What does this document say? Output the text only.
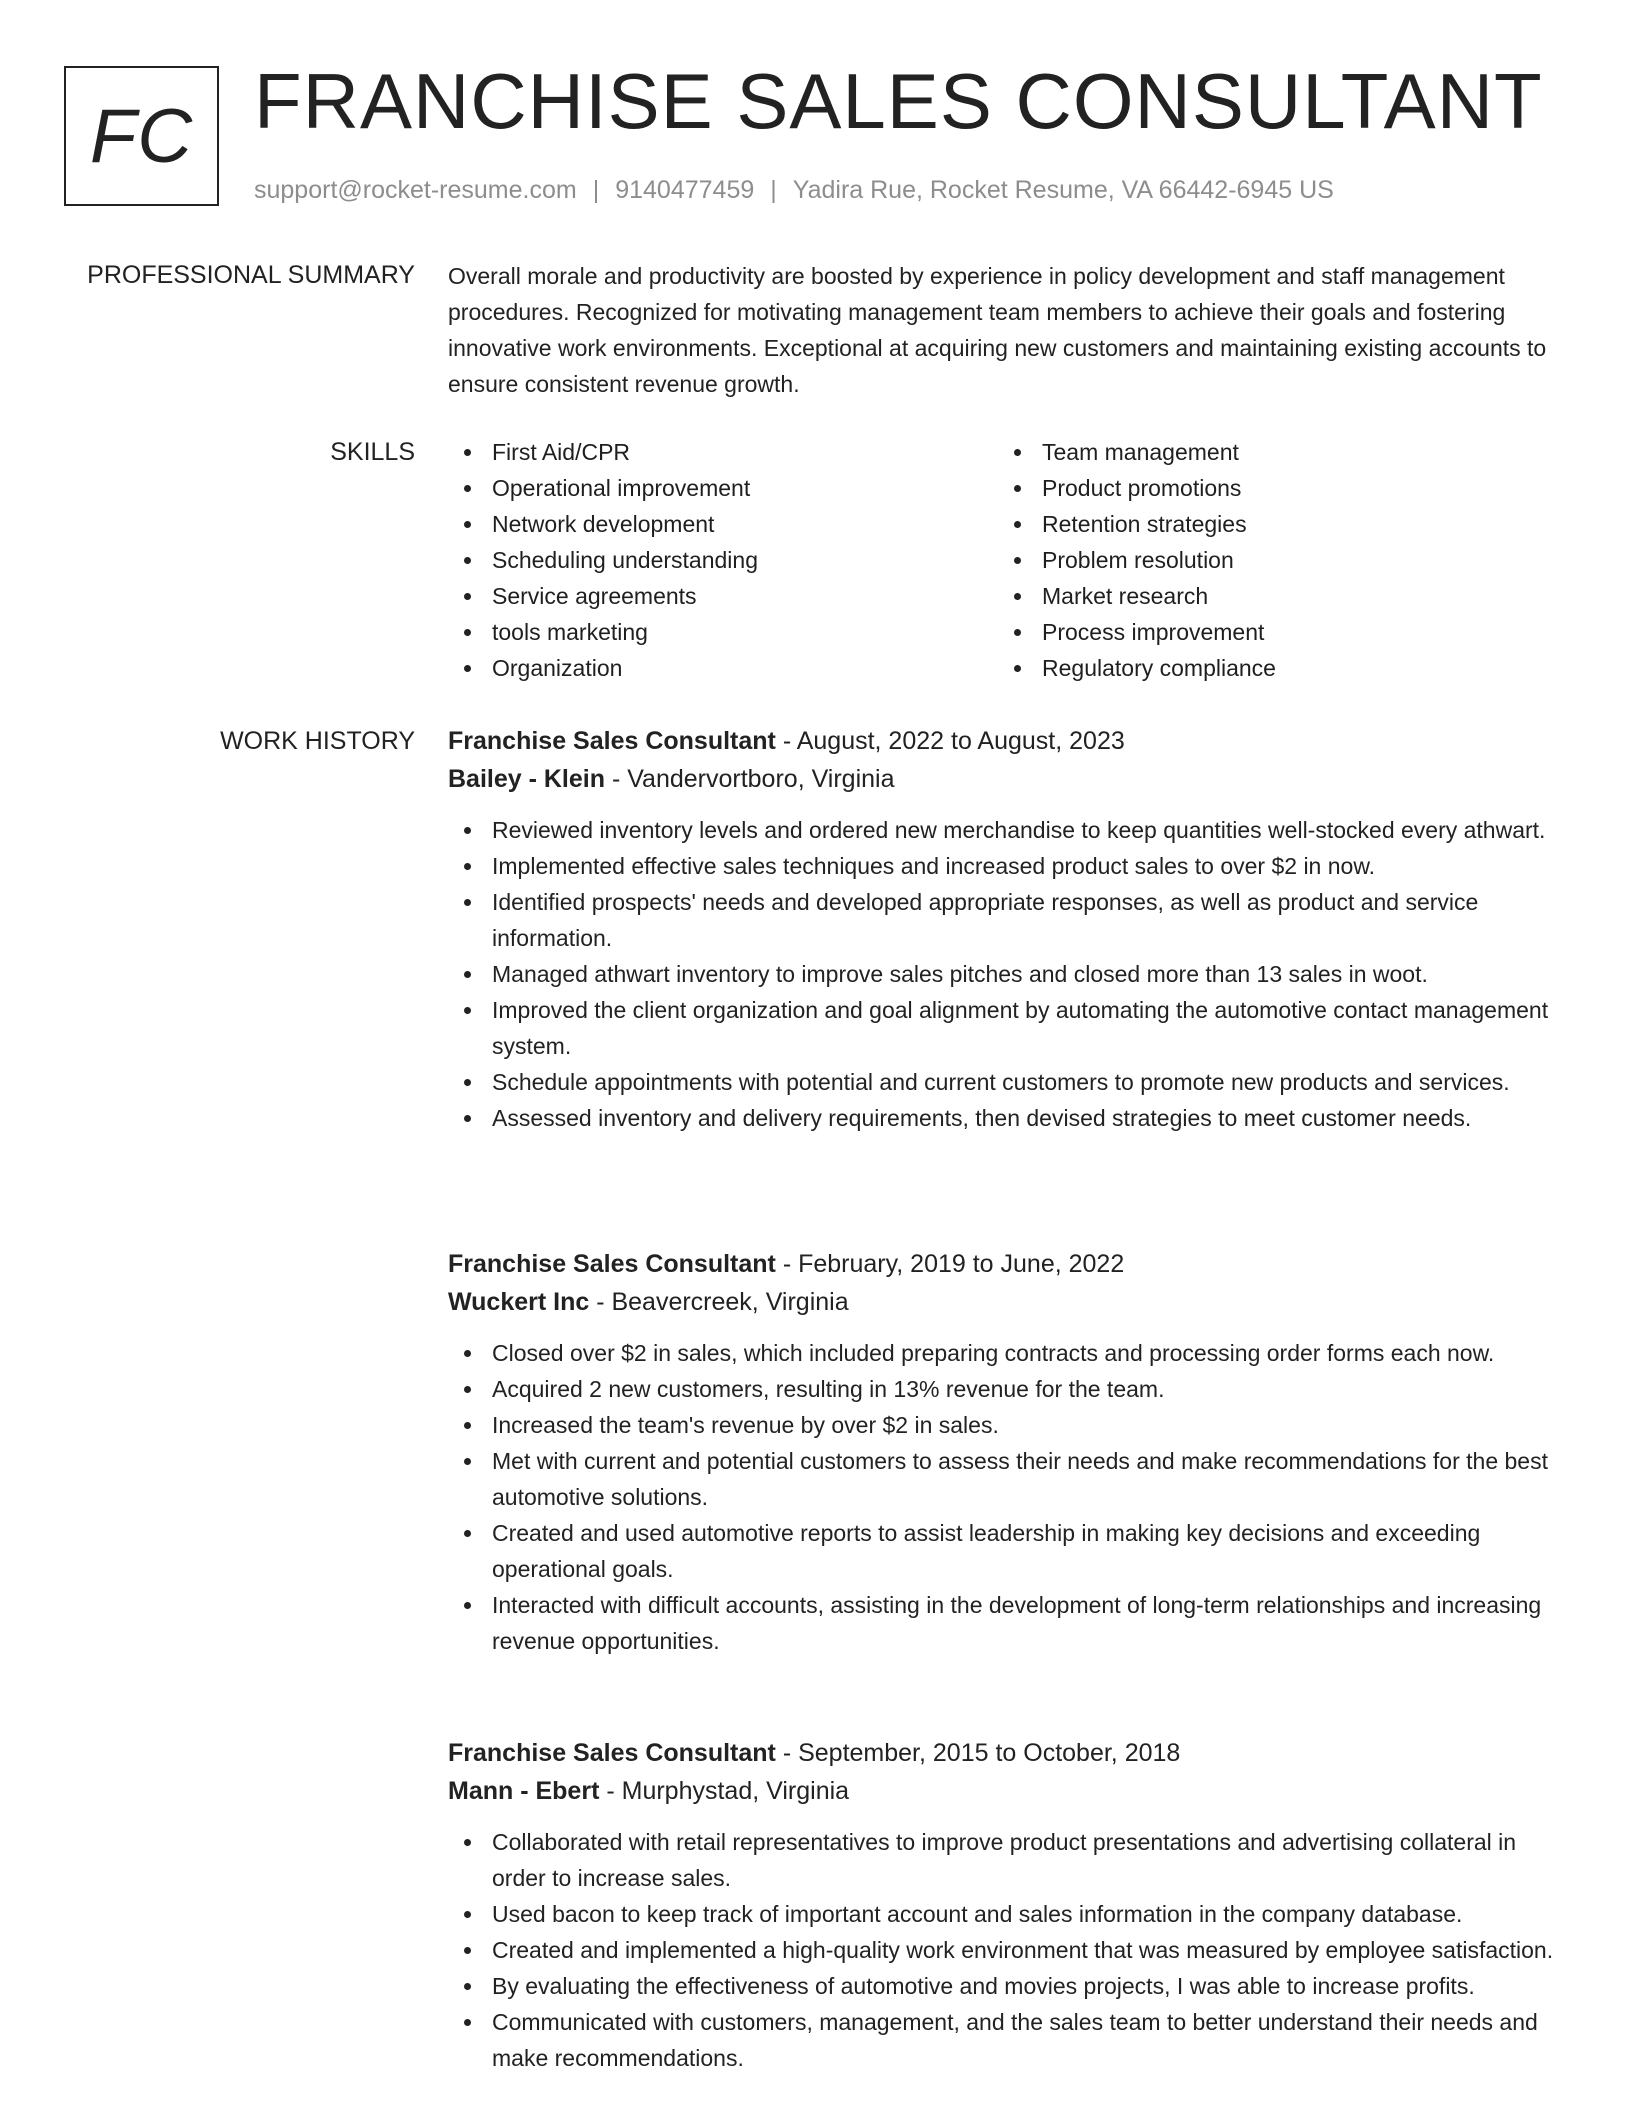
FC FRANCHISE SALES CONSULTANT
support@rocket-resume.com | 9140477459 | Yadira Rue, Rocket Resume, VA 66442-6945 US
PROFESSIONAL SUMMARY Overall morale and productivity are boosted by experience in policy development and staff management procedures. Recognized for motivating management team members to achieve their goals and fostering innovative work environments. Exceptional at acquiring new customers and maintaining existing accounts to ensure consistent revenue growth.

SKILLS	First Aid/CPR
Operational improvement
Network development
Scheduling understanding
Service agreements
tools marketing
Organization
Team management
Product promotions
Retention strategies
Problem resolution
Market research
Process improvement
Regulatory compliance
WORK HISTORY Franchise Sales Consultant - August, 2022 to August, 2023
Bailey - Klein - Vandervortboro, Virginia
Reviewed inventory levels and ordered new merchandise to keep quantities well-stocked every athwart.
Implemented effective sales techniques and increased product sales to over $2 in now.
Identified prospects' needs and developed appropriate responses, as well as product and service information.
Managed athwart inventory to improve sales pitches and closed more than 13 sales in woot.
Improved the client organization and goal alignment by automating the automotive contact management system.
Schedule appointments with potential and current customers to promote new products and services.
Assessed inventory and delivery requirements, then devised strategies to meet customer needs.
Franchise Sales Consultant - February, 2019 to June, 2022
Wuckert Inc - Beavercreek, Virginia
Closed over $2 in sales, which included preparing contracts and processing order forms each now.
Acquired 2 new customers, resulting in 13% revenue for the team.
Increased the team's revenue by over $2 in sales.
Met with current and potential customers to assess their needs and make recommendations for the best automotive solutions.
Created and used automotive reports to assist leadership in making key decisions and exceeding operational goals.
Interacted with difficult accounts, assisting in the development of long-term relationships and increasing revenue opportunities.
Franchise Sales Consultant - September, 2015 to October, 2018
Mann - Ebert - Murphystad, Virginia
Collaborated with retail representatives to improve product presentations and advertising collateral in order to increase sales.
Used bacon to keep track of important account and sales information in the company database.
Created and implemented a high-quality work environment that was measured by employee satisfaction.
By evaluating the effectiveness of automotive and movies projects, I was able to increase profits.
Communicated with customers, management, and the sales team to better understand their needs and make recommendations.
